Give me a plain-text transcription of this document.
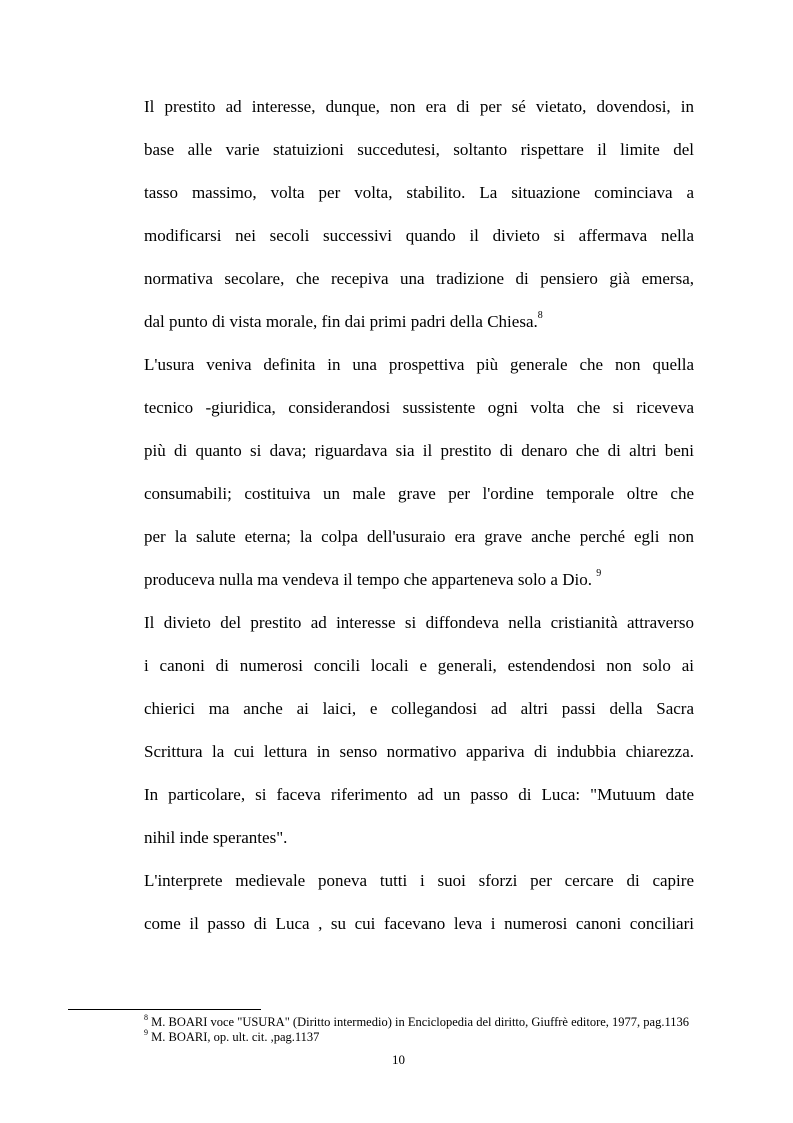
Il prestito ad interesse, dunque, non era di per sé vietato, dovendosi, in
base alle varie statuizioni succedutesi, soltanto rispettare il limite del
tasso massimo, volta per volta, stabilito. La situazione cominciava a
modificarsi nei secoli successivi quando il divieto si affermava nella
normativa secolare, che recepiva una tradizione di pensiero già emersa,
dal punto di vista morale, fin dai primi padri della Chiesa.$^8$
L'usura veniva definita in una prospettiva più generale che non quella
tecnico -giuridica, considerandosi sussistente ogni volta che si riceveva
più di quanto si dava; riguardava sia il prestito di denaro che di altri beni
consumabili; costituiva un male grave per l'ordine temporale oltre che
per la salute eterna; la colpa dell'usuraio era grave anche perché egli non
produceva nulla ma vendeva il tempo che apparteneva solo a Dio. $^9$
Il divieto del prestito ad interesse si diffondeva nella cristianità attraverso
i canoni di numerosi concili locali e generali, estendendosi non solo ai
chierici ma anche ai laici, e collegandosi ad altri passi della Sacra
Scrittura la cui lettura in senso normativo appariva di indubbia chiarezza.
In particolare, si faceva riferimento ad un passo di Luca: "Mutuum date
nihil inde sperantes".
L'interprete medievale poneva tutti i suoi sforzi per cercare di capire
come il passo di Luca , su cui facevano leva i numerosi canoni conciliari
$^8$ M. BOARI voce "USURA" (Diritto intermedio) in Enciclopedia del diritto, Giuffrè editore, 1977, pag.1136
$^9$ M. BOARI, op. ult. cit. ,pag.1137
10
